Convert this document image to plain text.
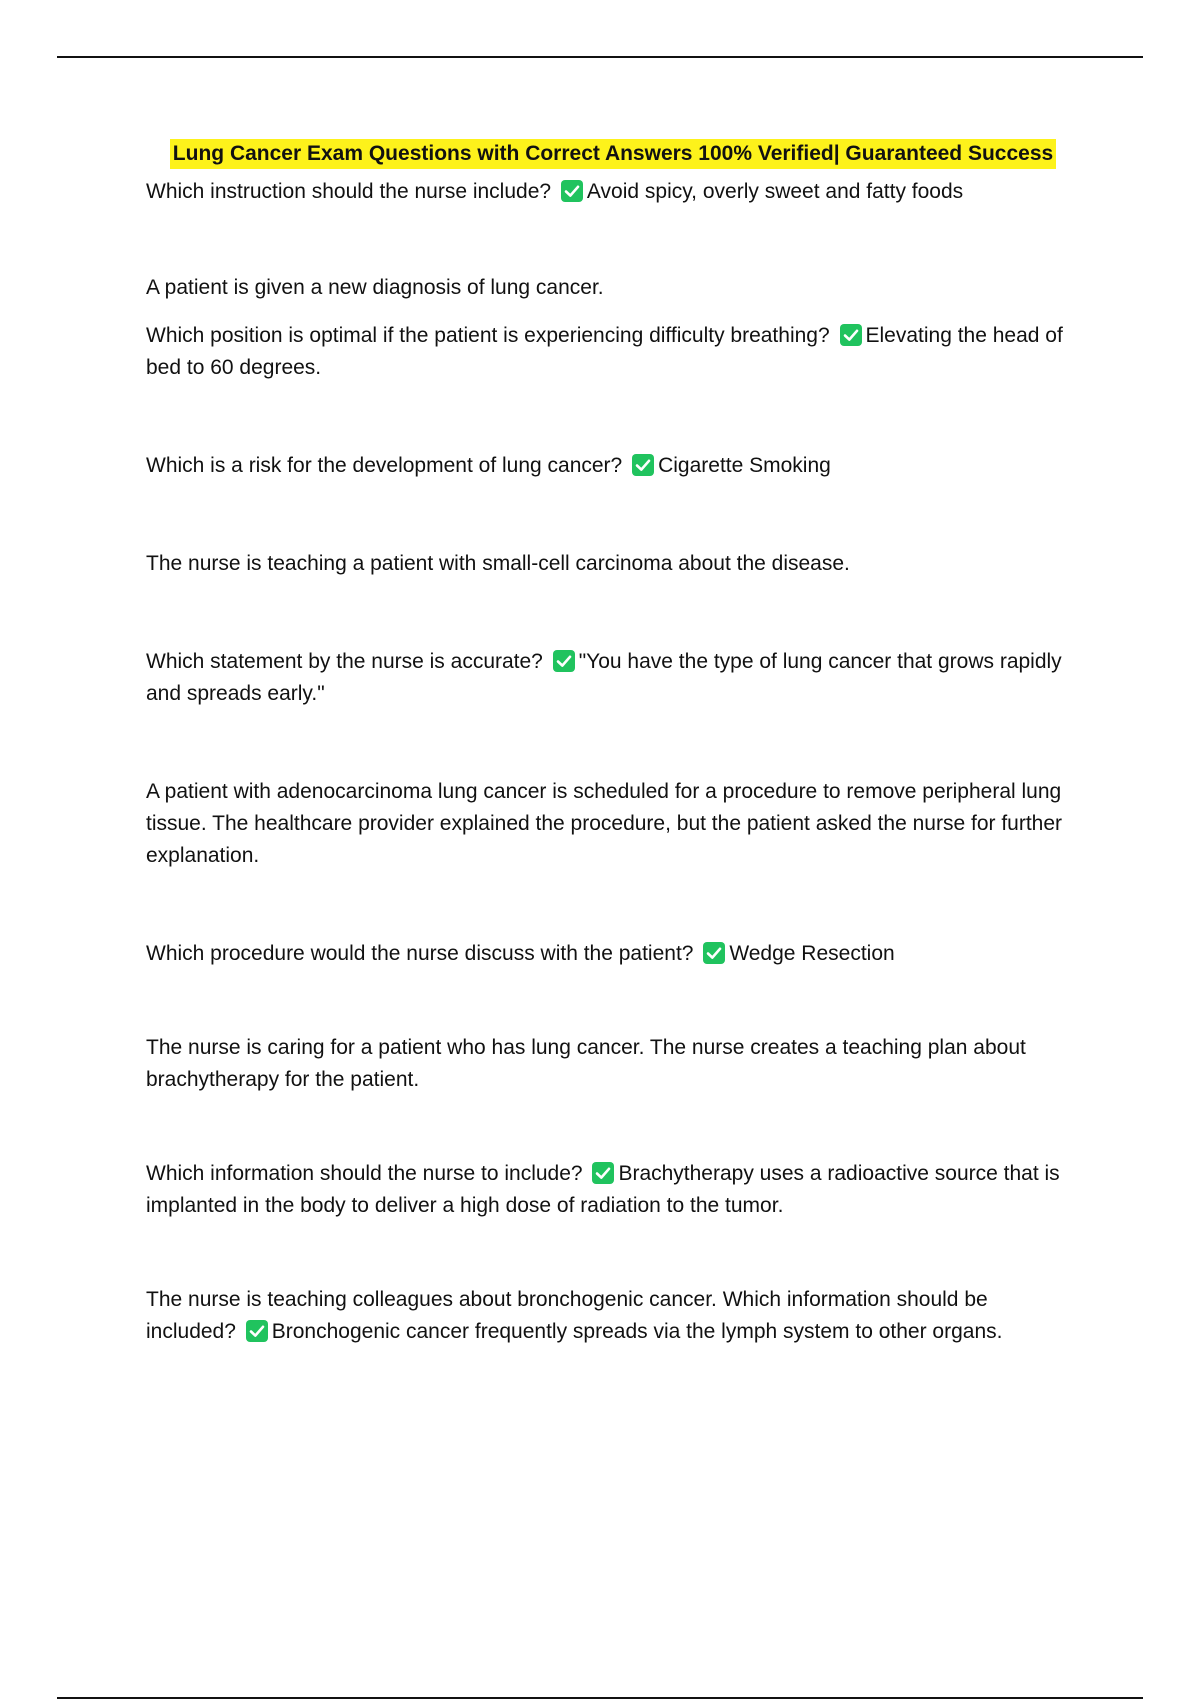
Lung Cancer Exam Questions with Correct Answers 100% Verified| Guaranteed Success

Which instruction should the nurse include? Avoid spicy, overly sweet and fatty foods

A patient is given a new diagnosis of lung cancer.

Which position is optimal if the patient is experiencing difficulty breathing? Elevating the head of bed to 60 degrees.

Which is a risk for the development of lung cancer? Cigarette Smoking

The nurse is teaching a patient with small-cell carcinoma about the disease.

Which statement by the nurse is accurate? "You have the type of lung cancer that grows rapidly and spreads early."

A patient with adenocarcinoma lung cancer is scheduled for a procedure to remove peripheral lung tissue. The healthcare provider explained the procedure, but the patient asked the nurse for further explanation.

Which procedure would the nurse discuss with the patient? Wedge Resection

The nurse is caring for a patient who has lung cancer. The nurse creates a teaching plan about brachytherapy for the patient.

Which information should the nurse to include? Brachytherapy uses a radioactive source that is implanted in the body to deliver a high dose of radiation to the tumor.

The nurse is teaching colleagues about bronchogenic cancer. Which information should be included? Bronchogenic cancer frequently spreads via the lymph system to other organs.
